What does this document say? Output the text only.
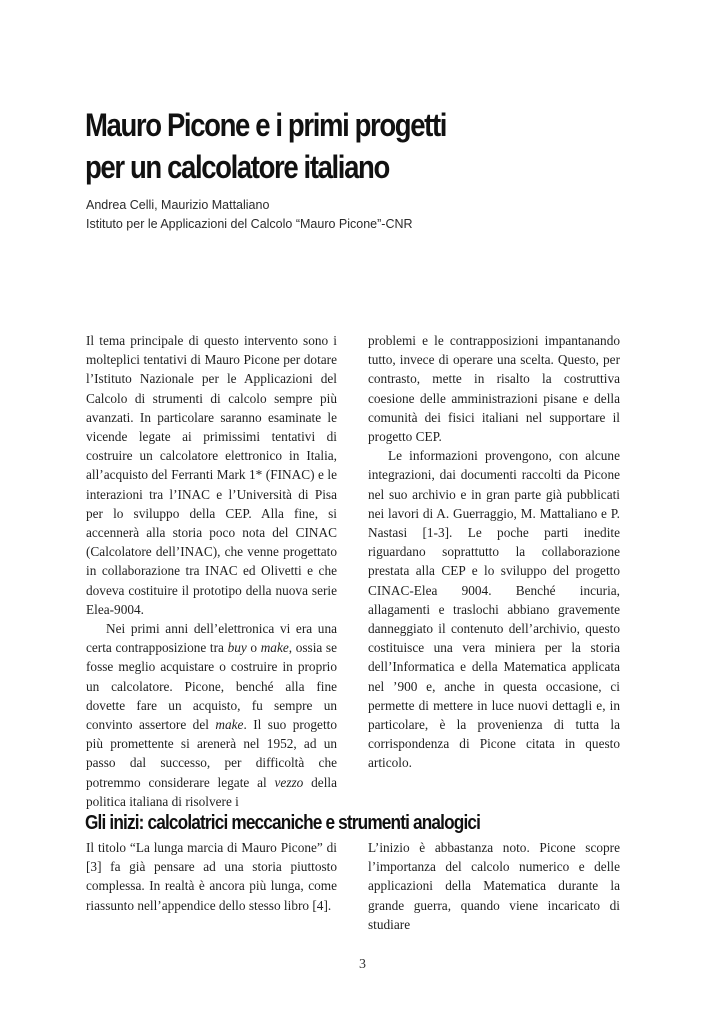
Mauro Picone e i primi progetti
per un calcolatore italiano
Andrea Celli, Maurizio Mattaliano
Istituto per le Applicazioni del Calcolo “Mauro Picone”-CNR

Il tema principale di questo intervento sono i molteplici tentativi di Mauro Picone per dotare l’Istituto Nazionale per le Applicazioni del Calcolo di strumenti di calcolo sempre più avanzati. In particolare saranno esaminate le vicende legate ai primissimi tentativi di costruire un calcolatore elettronico in Italia, all’acquisto del Ferranti Mark 1* (FINAC) e le interazioni tra l’INAC e l’Università di Pisa per lo sviluppo della CEP. Alla fine, si accennerà alla storia poco nota del CINAC (Calcolatore dell’INAC), che venne progettato in collaborazione tra INAC ed Olivetti e che doveva costituire il prototipo della nuova serie Elea-9004.

Nei primi anni dell’elettronica vi era una certa contrapposizione tra buy o make, ossia se fosse meglio acquistare o costruire in proprio un calcolatore. Picone, benché alla fine dovette fare un acquisto, fu sempre un convinto assertore del make. Il suo progetto più promettente si arenerà nel 1952, ad un passo dal successo, per difficoltà che potremmo considerare legate al vezzo della politica italiana di risolvere i

problemi e le contrapposizioni impantanando tutto, invece di operare una scelta. Questo, per contrasto, mette in risalto la costruttiva coesione delle amministrazioni pisane e della comunità dei fisici italiani nel supportare il progetto CEP.

Le informazioni provengono, con alcune integrazioni, dai documenti raccolti da Picone nel suo archivio e in gran parte già pubblicati nei lavori di A. Guerraggio, M. Mattaliano e P. Nastasi [1-3]. Le poche parti inedite riguardano soprattutto la collaborazione prestata alla CEP e lo sviluppo del progetto CINAC-Elea 9004. Benché incuria, allagamenti e traslochi abbiano gravemente danneggiato il contenuto dell’archivio, questo costituisce una vera miniera per la storia dell’Informatica e della Matematica applicata nel ’900 e, anche in questa occasione, ci permette di mettere in luce nuovi dettagli e, in particolare, è la provenienza di tutta la corrispondenza di Picone citata in questo articolo.

Gli inizi: calcolatrici meccaniche e strumenti analogici

Il titolo “La lunga marcia di Mauro Picone” di [3] fa già pensare ad una storia piuttosto complessa. In realtà è ancora più lunga, come riassunto nell’appendice dello stesso libro [4].

L’inizio è abbastanza noto. Picone scopre l’importanza del calcolo numerico e delle applicazioni della Matematica durante la grande guerra, quando viene incaricato di studiare

3
